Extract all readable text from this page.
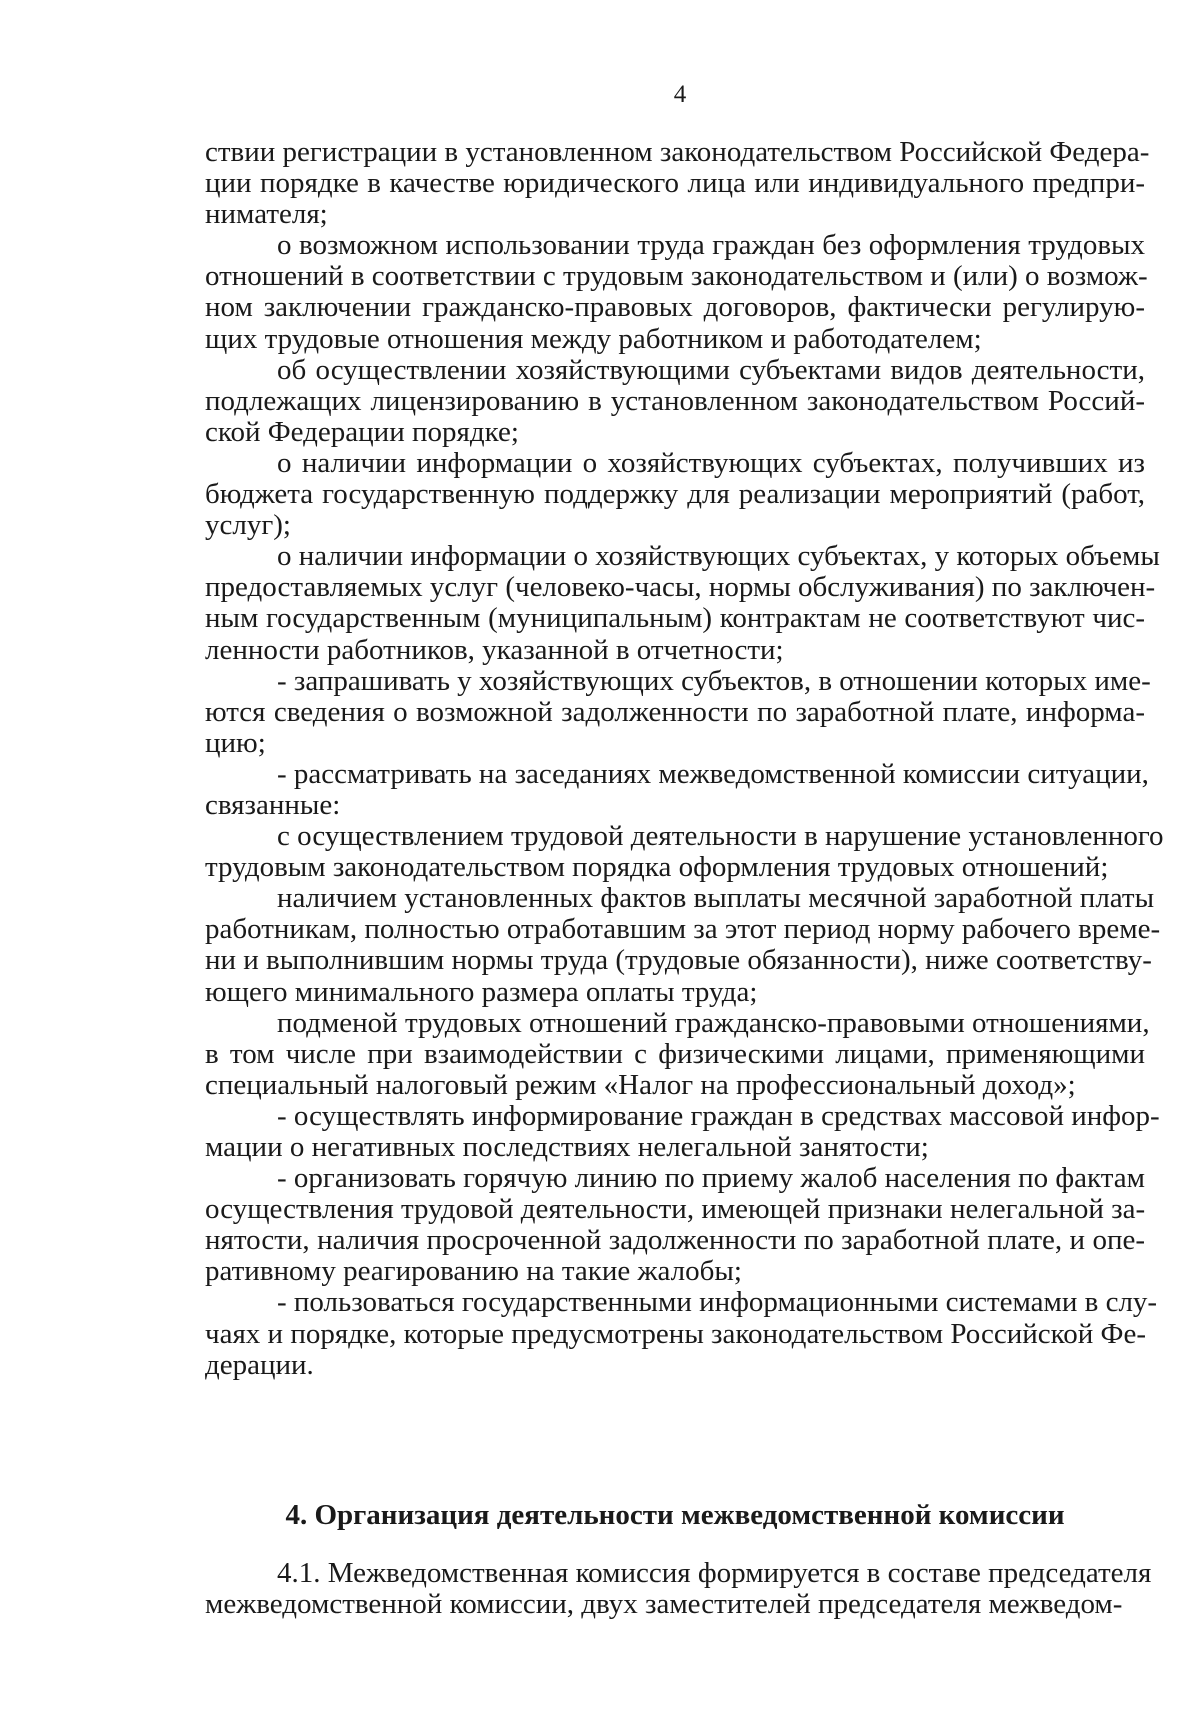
4
ствии регистрации в установленном законодательством Российской Федера-
ции порядке в качестве юридического лица или индивидуального предпри-
нимателя;
о возможном использовании труда граждан без оформления трудовых
отношений в соответствии с трудовым законодательством и (или) о возмож-
ном заключении гражданско-правовых договоров, фактически регулирую-
щих трудовые отношения между работником и работодателем;
об осуществлении хозяйствующими субъектами видов деятельности,
подлежащих лицензированию в установленном законодательством Россий-
ской Федерации порядке;
о наличии информации о хозяйствующих субъектах, получивших из
бюджета государственную поддержку для реализации мероприятий (работ,
услуг);
о наличии информации о хозяйствующих субъектах, у которых объемы
предоставляемых услуг (человеко-часы, нормы обслуживания) по заключен-
ным государственным (муниципальным) контрактам не соответствуют чис-
ленности работников, указанной в отчетности;
- запрашивать у хозяйствующих субъектов, в отношении которых име-
ются сведения о возможной задолженности по заработной плате, информа-
цию;
- рассматривать на заседаниях межведомственной комиссии ситуации,
связанные:
с осуществлением трудовой деятельности в нарушение установленного
трудовым законодательством порядка оформления трудовых отношений;
наличием установленных фактов выплаты месячной заработной платы
работникам, полностью отработавшим за этот период норму рабочего време-
ни и выполнившим нормы труда (трудовые обязанности), ниже соответству-
ющего минимального размера оплаты труда;
подменой трудовых отношений гражданско-правовыми отношениями,
в том числе при взаимодействии с физическими лицами, применяющими
специальный налоговый режим «Налог на профессиональный доход»;
- осуществлять информирование граждан в средствах массовой инфор-
мации о негативных последствиях нелегальной занятости;
- организовать горячую линию по приему жалоб населения по фактам
осуществления трудовой деятельности, имеющей признаки нелегальной за-
нятости, наличия просроченной задолженности по заработной плате, и опе-
ративному реагированию на такие жалобы;
- пользоваться государственными информационными системами в слу-
чаях и порядке, которые предусмотрены законодательством Российской Фе-
дерации.
4. Организация деятельности межведомственной комиссии
4.1. Межведомственная комиссия формируется в составе председателя
межведомственной комиссии, двух заместителей председателя межведом-
